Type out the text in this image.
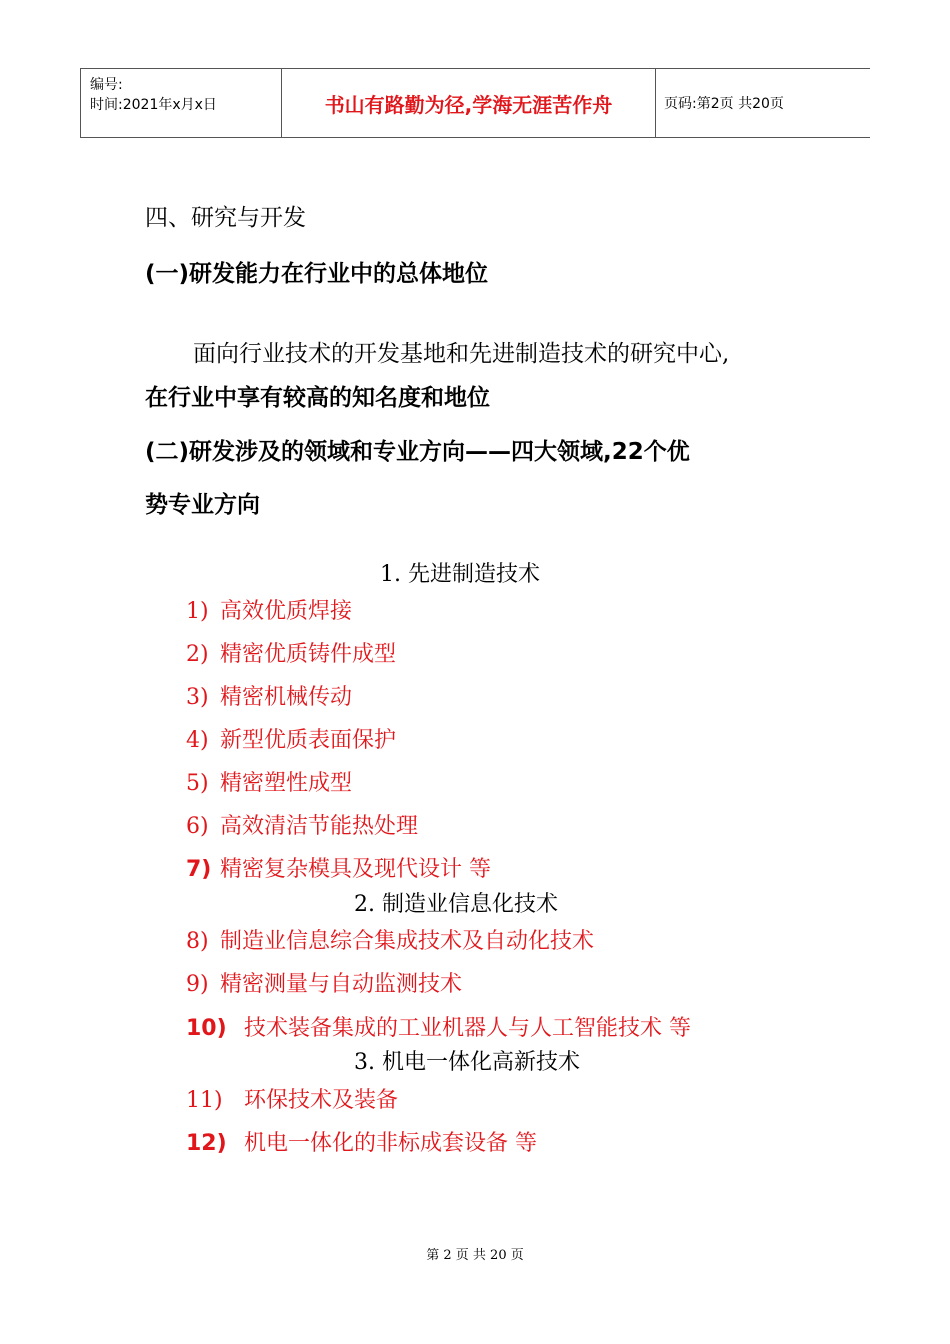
编号:
时间:2021年x月x日	书山有路勤为径,学海无涯苦作舟	页码:第2页 共20页
四、研究与开发
(一)研发能力在行业中的总体地位
面向行业技术的开发基地和先进制造技术的研究中心,
在行业中享有较高的知名度和地位
(二)研发涉及的领域和专业方向——四大领域,22个优
势专业方向
1. 先进制造技术
2. 制造业信息化技术
3. 机电一体化高新技术
1) 高效优质焊接
2) 精密优质铸件成型
3) 精密机械传动
4) 新型优质表面保护
5) 精密塑性成型
6) 高效清洁节能热处理
7) 精密复杂模具及现代设计 等
8) 制造业信息综合集成技术及自动化技术
9) 精密测量与自动监测技术
10) 技术装备集成的工业机器人与人工智能技术 等
11) 环保技术及装备
12) 机电一体化的非标成套设备 等
第 2 页 共 20 页
